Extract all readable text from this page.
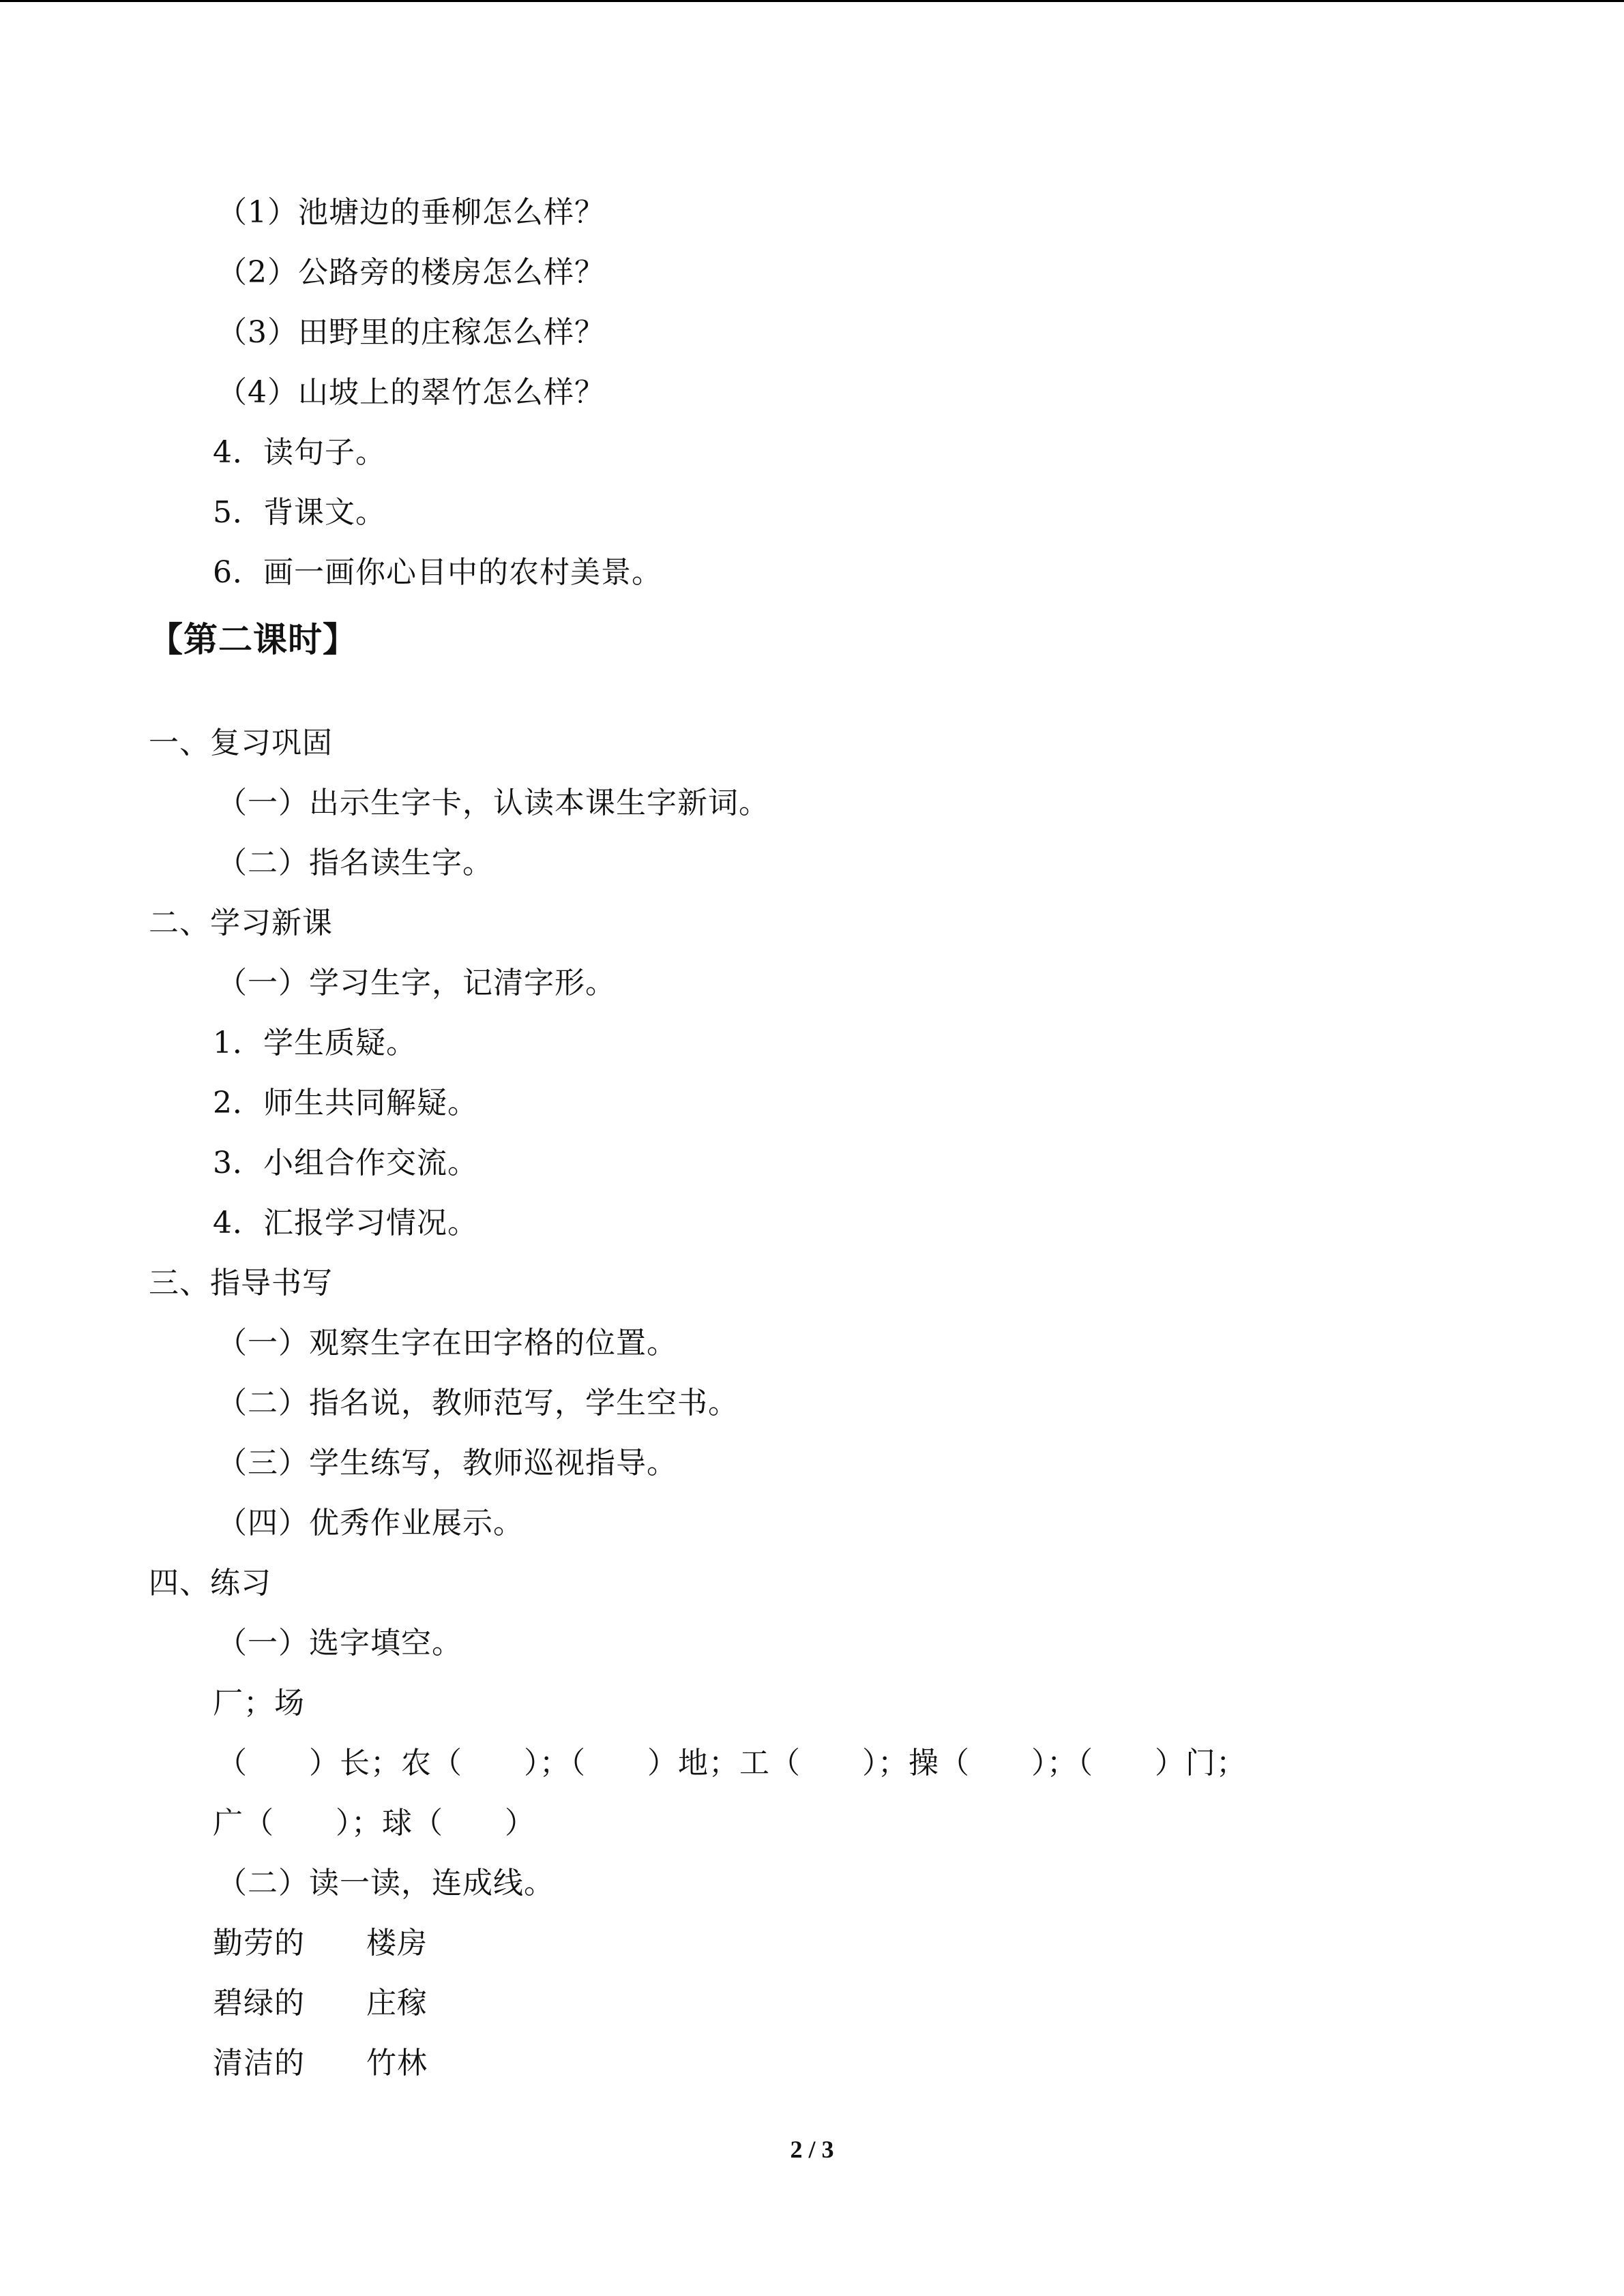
（1）池塘边的垂柳怎么样？
（2）公路旁的楼房怎么样？
（3）田野里的庄稼怎么样？
（4）山坡上的翠竹怎么样？
4．读句子。
5．背课文。
6．画一画你心目中的农村美景。
【第二课时】
一、复习巩固
（一）出示生字卡，认读本课生字新词。
（二）指名读生字。
二、学习新课
（一）学习生字，记清字形。
1．学生质疑。
2．师生共同解疑。
3．小组合作交流。
4．汇报学习情况。
三、指导书写
（一）观察生字在田字格的位置。
（二）指名说，教师范写，学生空书。
（三）学生练写，教师巡视指导。
（四）优秀作业展示。
四、练习
（一）选字填空。
厂；场
（　　）长；农（　　）；（　　）地；工（　　）；操（　　）；（　　）门；
广（　　）；球（　　）
（二）读一读，连成线。
勤劳的　　楼房
碧绿的　　庄稼
清洁的　　竹林
2 / 3
